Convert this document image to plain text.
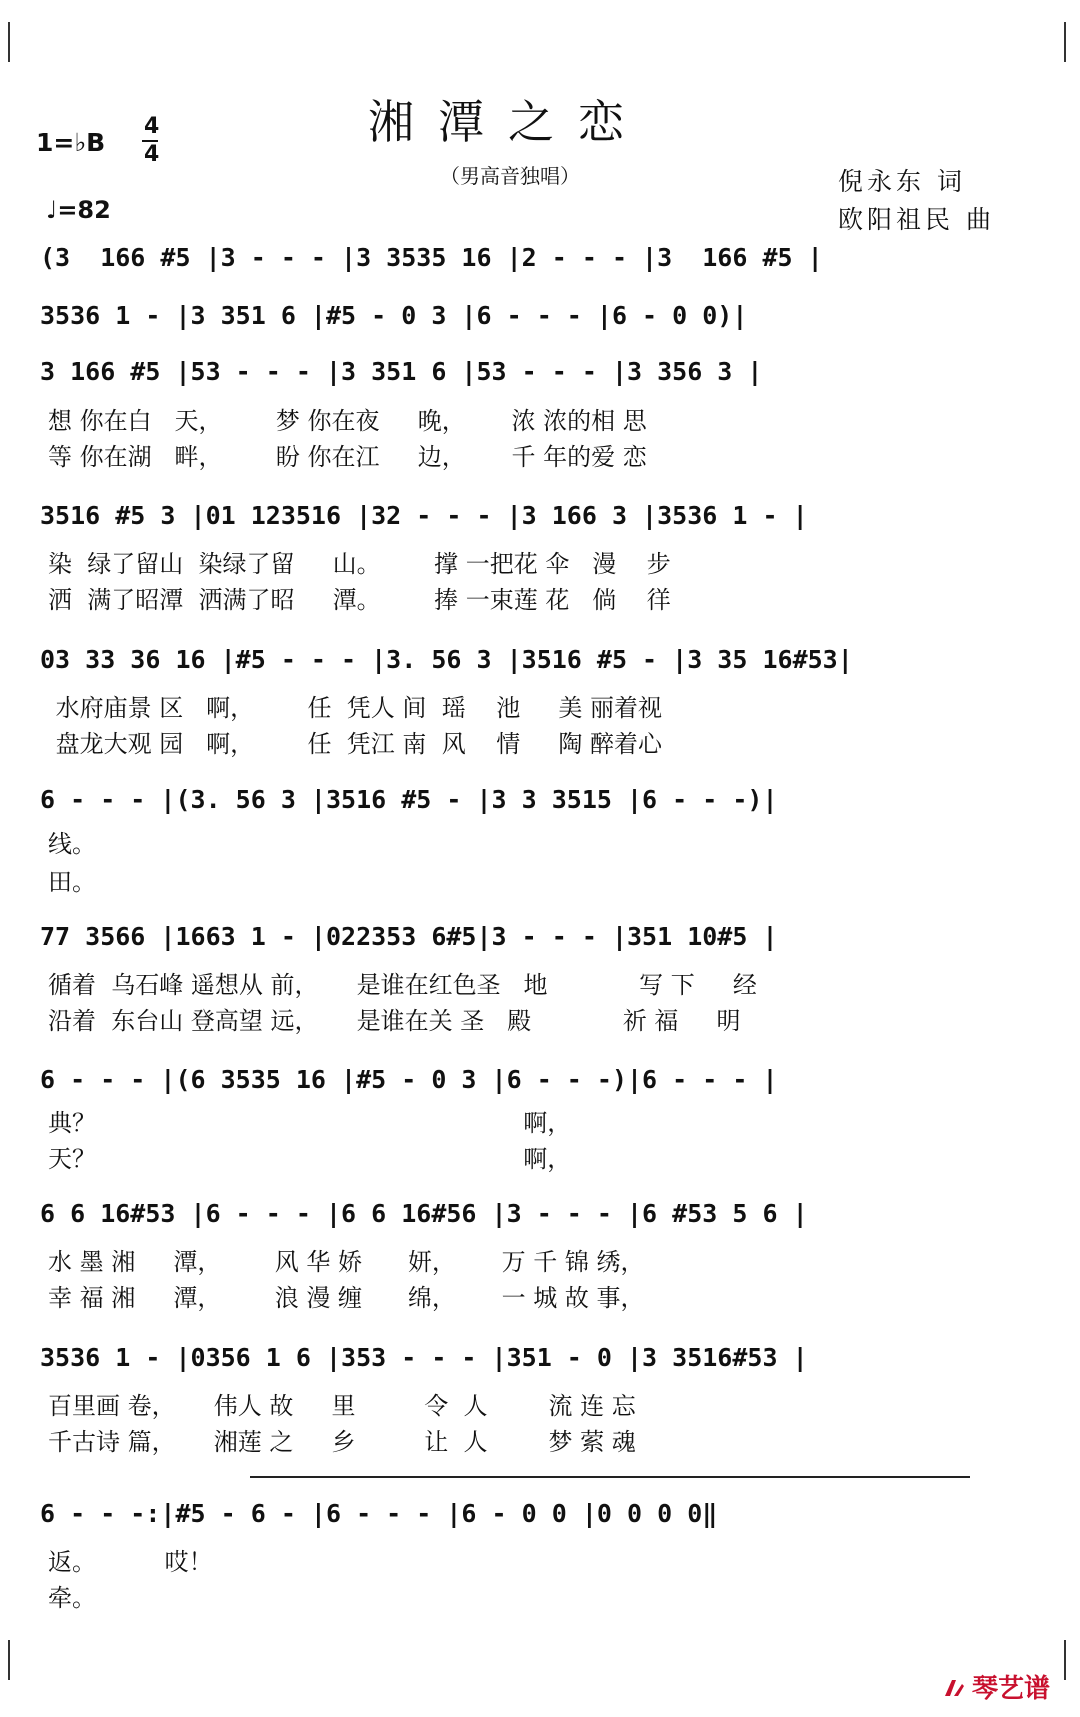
湘潭之恋
（男高音独唱）	倪永东 词
欧阳祖民 曲
1=♭B
4
4
♩=82
(3  166 #5 |3 - - - |3 3535 16 |2 - - - |3  166 #5 |
3536 1 - |3 351 6 |#5 - 0 3 |6 - - - |6 - 0 0)|
3 166 #5 |53 - - - |3 351 6 |53 - - - |3 356 3 |
想 你在白   天，       梦 你在夜     晚，      浓 浓的相 思
等 你在湖   畔，       盼 你在江     边，      千 年的爱 恋
3516 #5 3 |01 123516 |32 - - - |3 166 3 |3536 1 - |
染  绿了留山  染绿了留     山。       撑 一把花 伞   漫    步
洒  满了昭潭  洒满了昭     潭。       捧 一束莲 花   倘    徉
03 33 36 16 |#5 - - - |3. 56 3 |3516 #5 - |3 35 16#53|
水府庙景 区   啊，       任  凭人 间  瑶    池     美 丽着视
盘龙大观 园   啊，       任  凭江 南  风    情     陶 醉着心
6 - - - |(3. 56 3 |3516 #5 - |3 3 3515 |6 - - -)|
线。
田。
77 3566 |1663 1 - |022353 6#5|3 - - - |351 10#5 |
循着  乌石峰 遥想从 前，     是谁在红色圣   地            写 下     经
沿着  东台山 登高望 远，     是谁在关 圣   殿            祈 福     明
6 - - - |(6 3535 16 |#5 - 0 3 |6 - - -)|6 - - - |
典？                                                        啊，
天？                                                        啊，
6 6 16#53 |6 - - - |6 6 16#56 |3 - - - |6 #53 5 6 |
水 墨 湘     潭，       风 华 娇      妍，      万 千 锦 绣，
幸 福 湘     潭，       浪 漫 缠      绵，      一 城 故 事，
3536 1 - |0356 1 6 |353 - - - |351 - 0 |3 3516#53 |
百里画 卷，     伟人 故     里         令  人        流 连 忘
千古诗 篇，     湘莲 之     乡         让  人        梦 萦 魂
6 - - -:|#5 - 6 - |6 - - - |6 - 0 0 |0 0 0 0‖
返。         哎！
牵。
琴艺谱
